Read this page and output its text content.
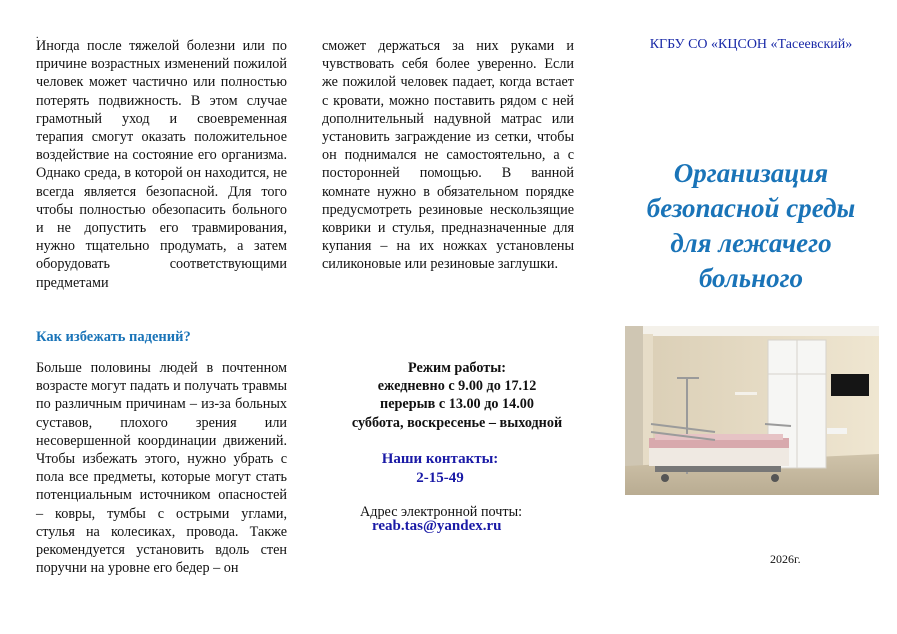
.

Иногда после тяжелой болезни или по причине возрастных изменений пожилой человек может частично или полностью потерять подвижность. В этом случае грамотный уход и своевременная терапия смогут оказать положительное воздействие на состояние его организма. Однако среда, в которой он находится, не всегда является безопасной. Для того чтобы полностью обезопасить больного и не допустить его травмирования, нужно тщательно продумать, а затем оборудовать соответствующими предметами

Как избежать падений?

Больше половины людей в почтенном возрасте могут падать и получать травмы по различным причинам – из-за больных суставов, плохого зрения или несовершенной координации движений. Чтобы избежать этого, нужно убрать с пола все предметы, которые могут стать потенциальным источником опасностей – ковры, тумбы с острыми углами, стулья на колесиках, провода. Также рекомендуется установить вдоль стен поручни на уровне его бедер – он

сможет держаться за них руками и чувствовать себя более уверенно. Если же пожилой человек падает, когда встает с кровати, можно поставить рядом с ней дополнительный надувной матрас или установить заграждение из сетки, чтобы он поднимался не самостоятельно, а с посторонней помощью. В ванной комнате нужно в обязательном порядке предусмотреть резиновые нескользящие коврики и стулья, предназначенные для купания – на их ножках установлены силиконовые или резиновые заглушки.

Режим работы:
ежедневно с 9.00 до 17.12
перерыв с 13.00 до 14.00
суббота, воскресенье – выходной
Наши контакты:
2-15-49
Адрес электронной почты:
reab.tas@yandex.ru
КГБУ СО «КЦСОН «Тасеевский»
Организация
безопасной среды
для лежачего
больного
2026г.
